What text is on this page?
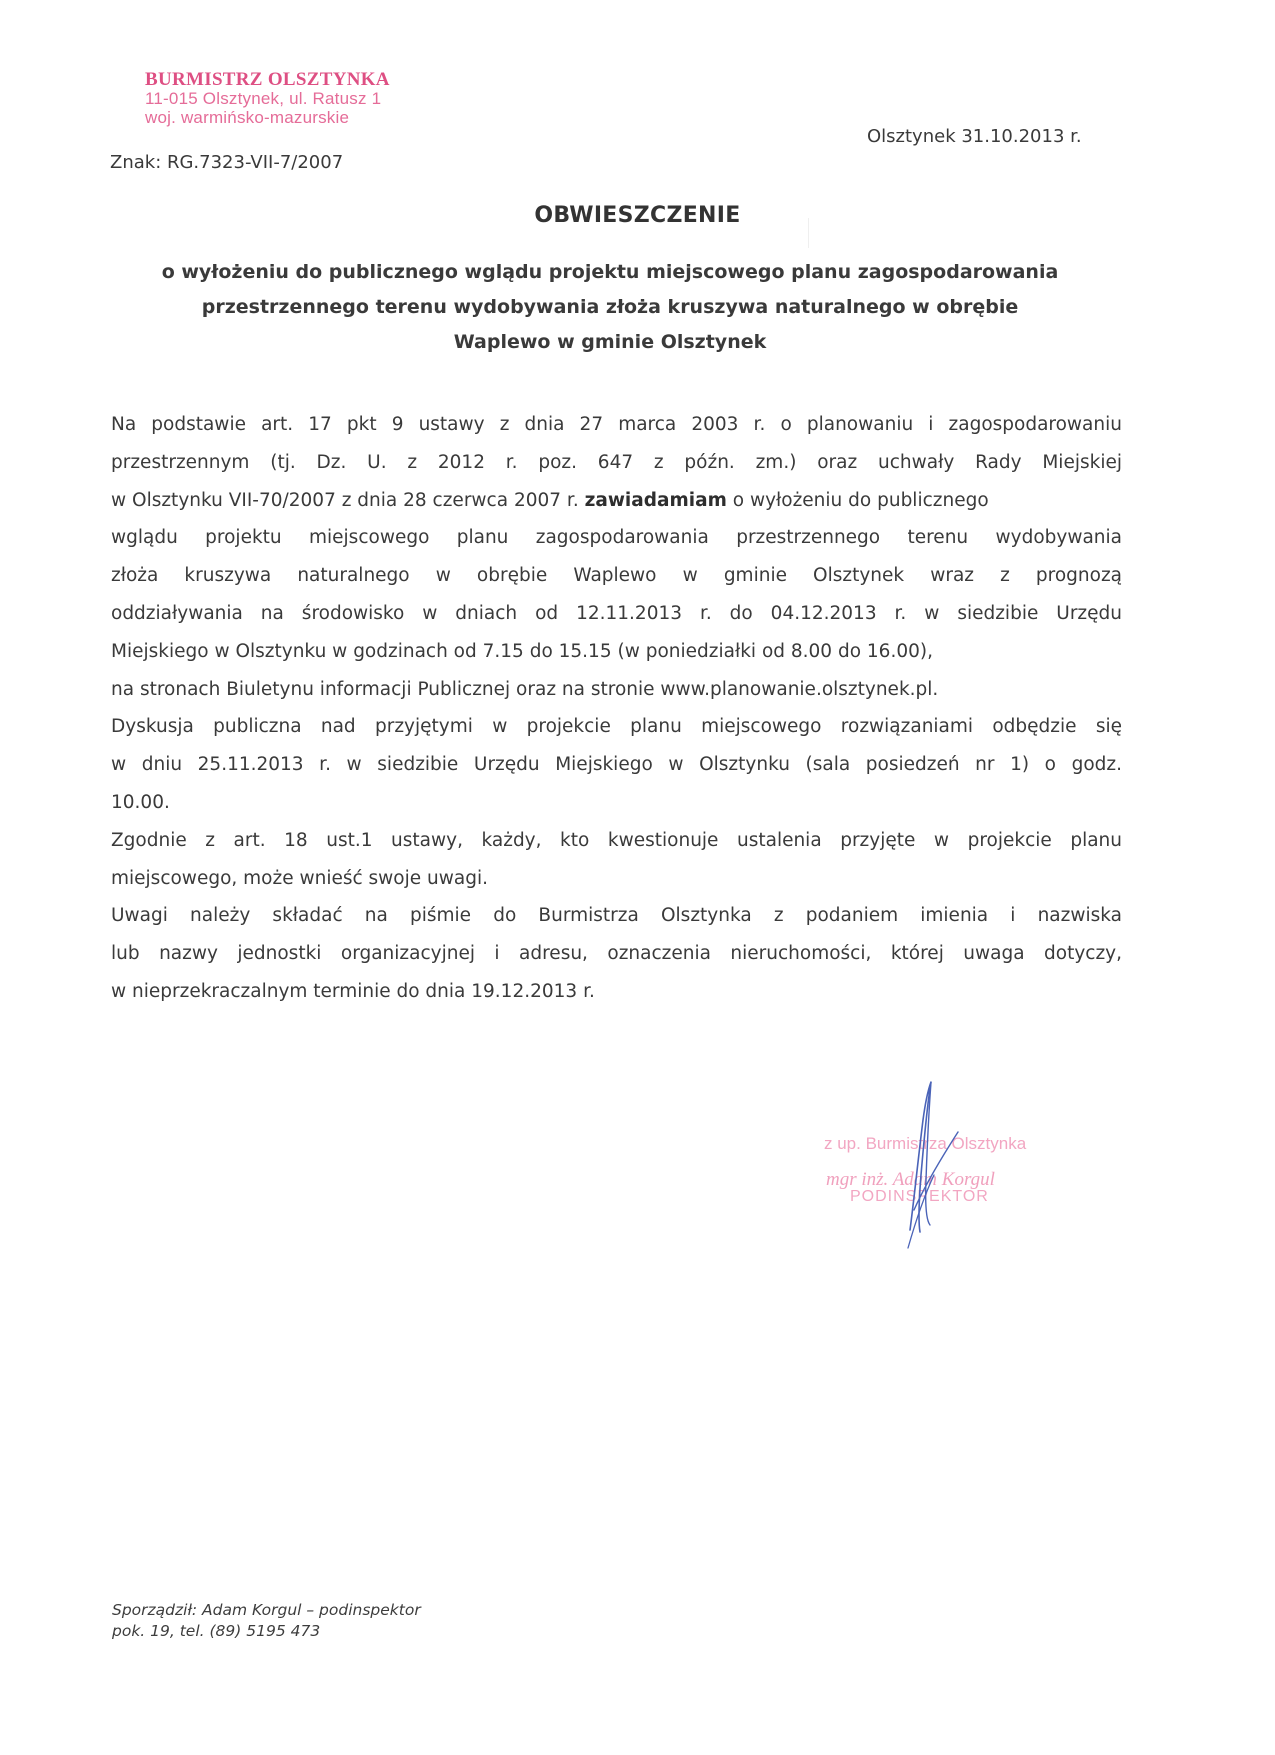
BURMISTRZ OLSZTYNKA
11-015 Olsztynek, ul. Ratusz 1
woj. warmińsko-mazurskie
Znak: RG.7323-VII-7/2007
Olsztynek 31.10.2013 r.
OBWIESZCZENIE
o wyłożeniu do publicznego wglądu projektu miejscowego planu zagospodarowania
przestrzennego terenu wydobywania złoża kruszywa naturalnego w obrębie
Waplewo w gminie Olsztynek
Na podstawie art. 17 pkt 9 ustawy z dnia 27 marca 2003 r. o planowaniu i zagospodarowaniu
przestrzennym (tj. Dz. U. z 2012 r. poz. 647 z późn. zm.) oraz uchwały Rady Miejskiej
w Olsztynku VII-70/2007 z dnia 28 czerwca 2007 r. zawiadamiam o wyłożeniu do publicznego
wglądu projektu miejscowego planu zagospodarowania przestrzennego terenu wydobywania
złoża kruszywa naturalnego w obrębie Waplewo w gminie Olsztynek wraz z prognozą
oddziaływania na środowisko w dniach od 12.11.2013 r. do 04.12.2013 r. w siedzibie Urzędu
Miejskiego w Olsztynku w godzinach od 7.15 do 15.15 (w poniedziałki od 8.00 do 16.00),
na stronach Biuletynu informacji Publicznej oraz na stronie www.planowanie.olsztynek.pl.
Dyskusja publiczna nad przyjętymi w projekcie planu miejscowego rozwiązaniami odbędzie się
w dniu 25.11.2013 r. w siedzibie Urzędu Miejskiego w Olsztynku (sala posiedzeń nr 1) o godz.
10.00.
Zgodnie z art. 18 ust.1 ustawy, każdy, kto kwestionuje ustalenia przyjęte w projekcie planu
miejscowego, może wnieść swoje uwagi.
Uwagi należy składać na piśmie do Burmistrza Olsztynka z podaniem imienia i nazwiska
lub nazwy jednostki organizacyjnej i adresu, oznaczenia nieruchomości, której uwaga dotyczy,
w nieprzekraczalnym terminie do dnia 19.12.2013 r.
z up. Burmistrza Olsztynka
mgr inż. Adam Korgul
PODINSPEKTOR
Sporządził: Adam Korgul – podinspektor
pok. 19, tel. (89) 5195 473
